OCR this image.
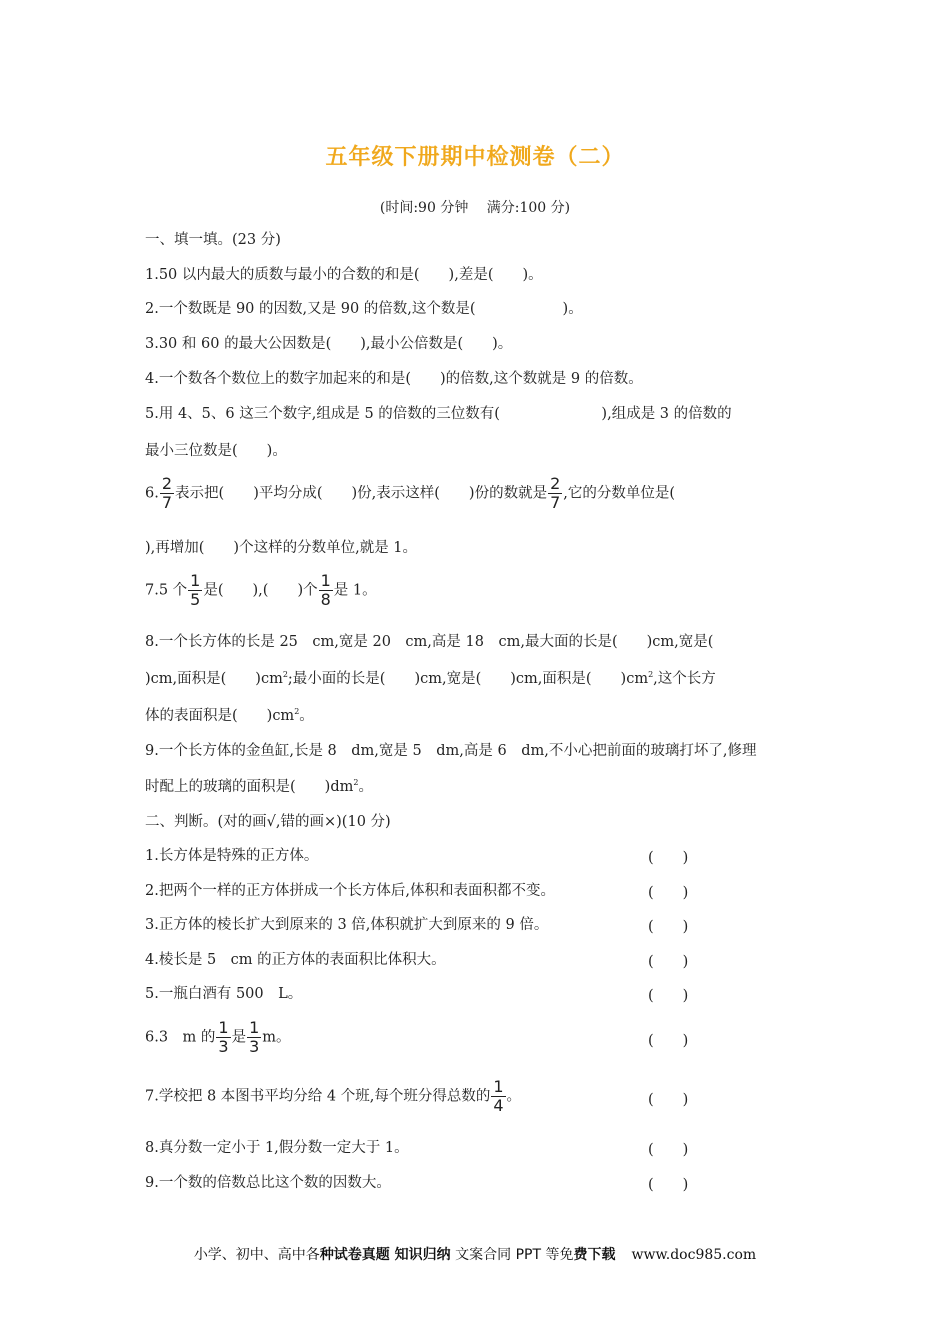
五年级下册期中检测卷（二）
(时间:90 分钟　 满分:100 分)
一、填一填。(23 分)
1.50 以内最大的质数与最小的合数的和是(　　),差是(　　)。
2.一个数既是 90 的因数,又是 90 的倍数,这个数是(　　　　　　)。
3.30 和 60 的最大公因数是(　　),最小公倍数是(　　)。
4.一个数各个数位上的数字加起来的和是(　　)的倍数,这个数就是 9 的倍数。
5.用 4、5、6 这三个数字,组成是 5 的倍数的三位数有(　　　　　　　),组成是 3 的倍数的
最小三位数是(　　)。
6. $\frac{2}{7}$ 表示把(　　)平均分成(　　)份,表示这样(　　)份的数就是 $\frac{2}{7}$ ,它的分数单位是(
),再增加(　　)个这样的分数单位,就是 1。
7.5 个 $\frac{1}{5}$ 是(　　),(　　)个 $\frac{1}{8}$ 是 1。
8.一个长方体的长是 25　cm,宽是 20　cm,高是 18　cm,最大面的长是(　　)cm,宽是(
)cm,面积是(　　)$cm^2$;最小面的长是(　　)cm,宽是(　　)cm,面积是(　　)$cm^2$,这个长方
体的表面积是(　　)$cm^2$。
9.一个长方体的金鱼缸,长是 8　dm,宽是 5　dm,高是 6　dm,不小心把前面的玻璃打坏了,修理
时配上的玻璃的面积是(　　)$dm^2$。
二、判断。(对的画√,错的画×)(10 分)
1.长方体是特殊的正方体。	(　　)
2.把两个一样的正方体拼成一个长方体后,体积和表面积都不变。	(　　)
3.正方体的棱长扩大到原来的 3 倍,体积就扩大到原来的 9 倍。	(　　)
4.棱长是 5　cm 的正方体的表面积比体积大。	(　　)
5.一瓶白酒有 500　L。	(　　)
6.3　m 的 $\frac{1}{3}$ 是 $\frac{1}{3}$ m。	(　　)
7.学校把 8 本图书平均分给 4 个班,每个班分得总数的 $\frac{1}{4}$ 。	(　　)
8.真分数一定小于 1,假分数一定大于 1。	(　　)
9.一个数的倍数总比这个数的因数大。	(　　)
小学、初中、高中各种试卷真题 知识归纳 文案合同 PPT 等免费下载 www.doc985.com
